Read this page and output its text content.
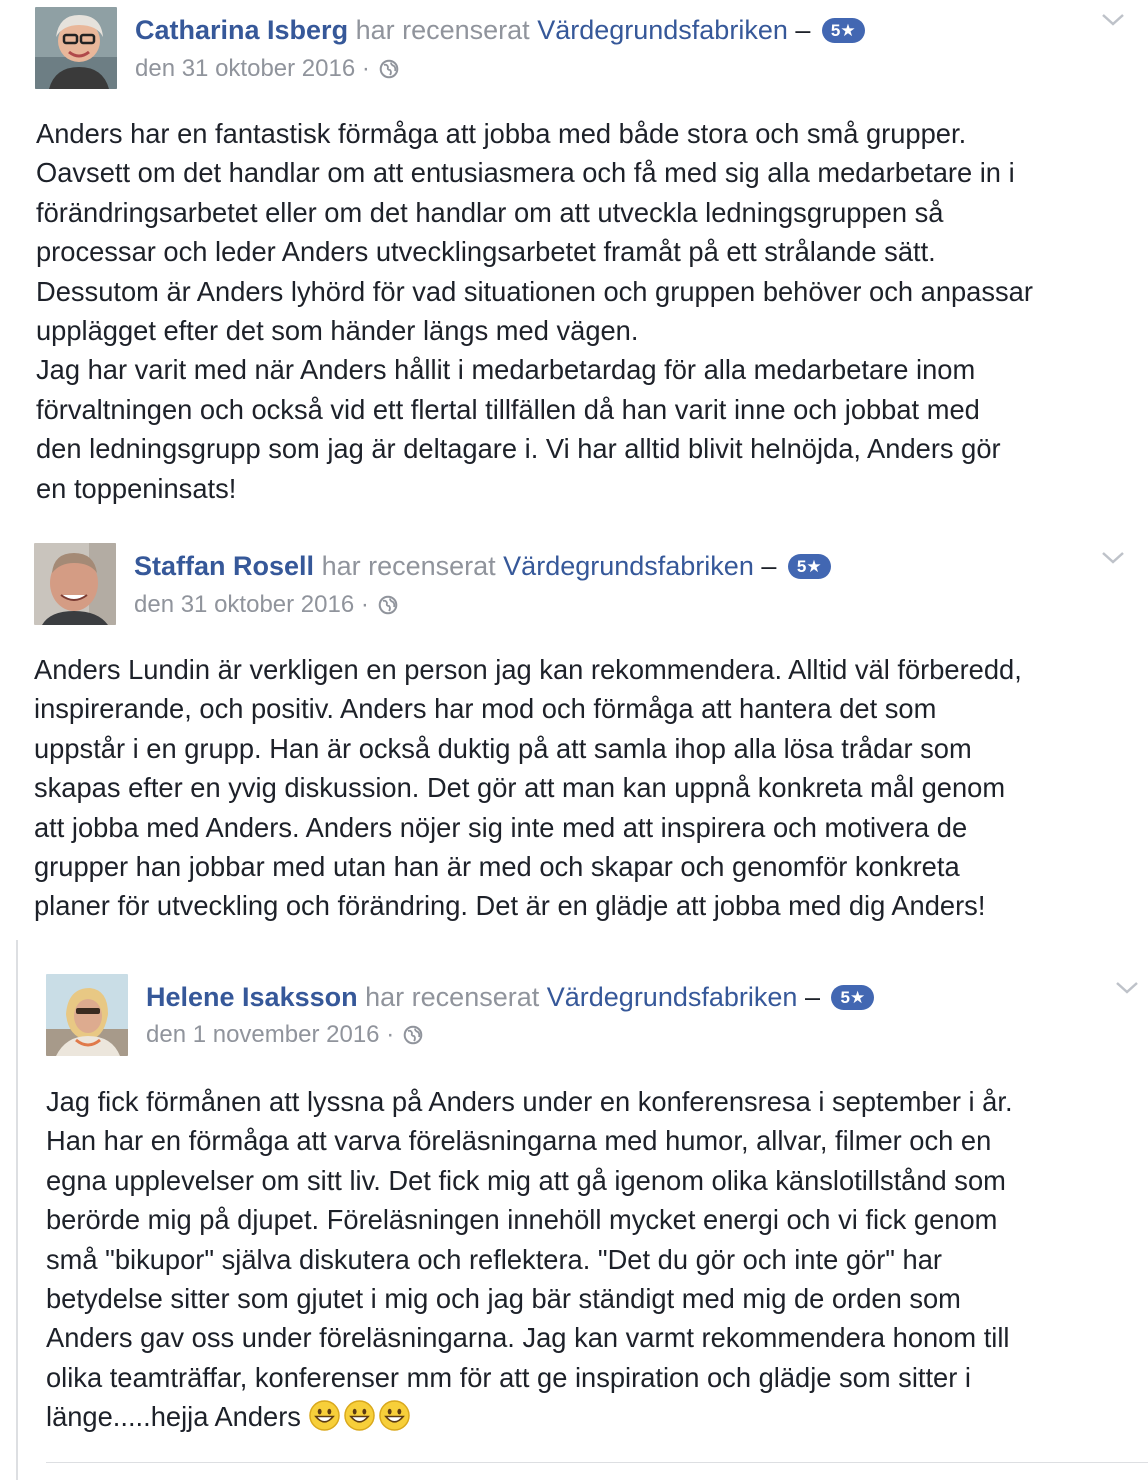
Catharina Isberg har recenserat Värdegrundsfabriken – 5★
den 31 oktober 2016 ·

Anders har en fantastisk förmåga att jobba med både stora och små grupper.
Oavsett om det handlar om att entusiasmera och få med sig alla medarbetare in i
förändringsarbetet eller om det handlar om att utveckla ledningsgruppen så
processar och leder Anders utvecklingsarbetet framåt på ett strålande sätt.
Dessutom är Anders lyhörd för vad situationen och gruppen behöver och anpassar
upplägget efter det som händer längs med vägen.
Jag har varit med när Anders hållit i medarbetardag för alla medarbetare inom
förvaltningen och också vid ett flertal tillfällen då han varit inne och jobbat med
den ledningsgrupp som jag är deltagare i. Vi har alltid blivit helnöjda, Anders gör
en toppeninsats!

Staffan Rosell har recenserat Värdegrundsfabriken – 5★
den 31 oktober 2016 ·

Anders Lundin är verkligen en person jag kan rekommendera. Alltid väl förberedd,
inspirerande, och positiv. Anders har mod och förmåga att hantera det som
uppstår i en grupp. Han är också duktig på att samla ihop alla lösa trådar som
skapas efter en yvig diskussion. Det gör att man kan uppnå konkreta mål genom
att jobba med Anders. Anders nöjer sig inte med att inspirera och motivera de
grupper han jobbar med utan han är med och skapar och genomför konkreta
planer för utveckling och förändring. Det är en glädje att jobba med dig Anders!

Helene Isaksson har recenserat Värdegrundsfabriken – 5★
den 1 november 2016 ·

Jag fick förmånen att lyssna på Anders under en konferensresa i september i år.
Han har en förmåga att varva föreläsningarna med humor, allvar, filmer och en
egna upplevelser om sitt liv. Det fick mig att gå igenom olika känslotillstånd som
berörde mig på djupet. Föreläsningen innehöll mycket energi och vi fick genom
små "bikupor" själva diskutera och reflektera. "Det du gör och inte gör" har
betydelse sitter som gjutet i mig och jag bär ständigt med mig de orden som
Anders gav oss under föreläsningarna. Jag kan varmt rekommendera honom till
olika teamträffar, konferenser mm för att ge inspiration och glädje som sitter i
länge.....hejja Anders
